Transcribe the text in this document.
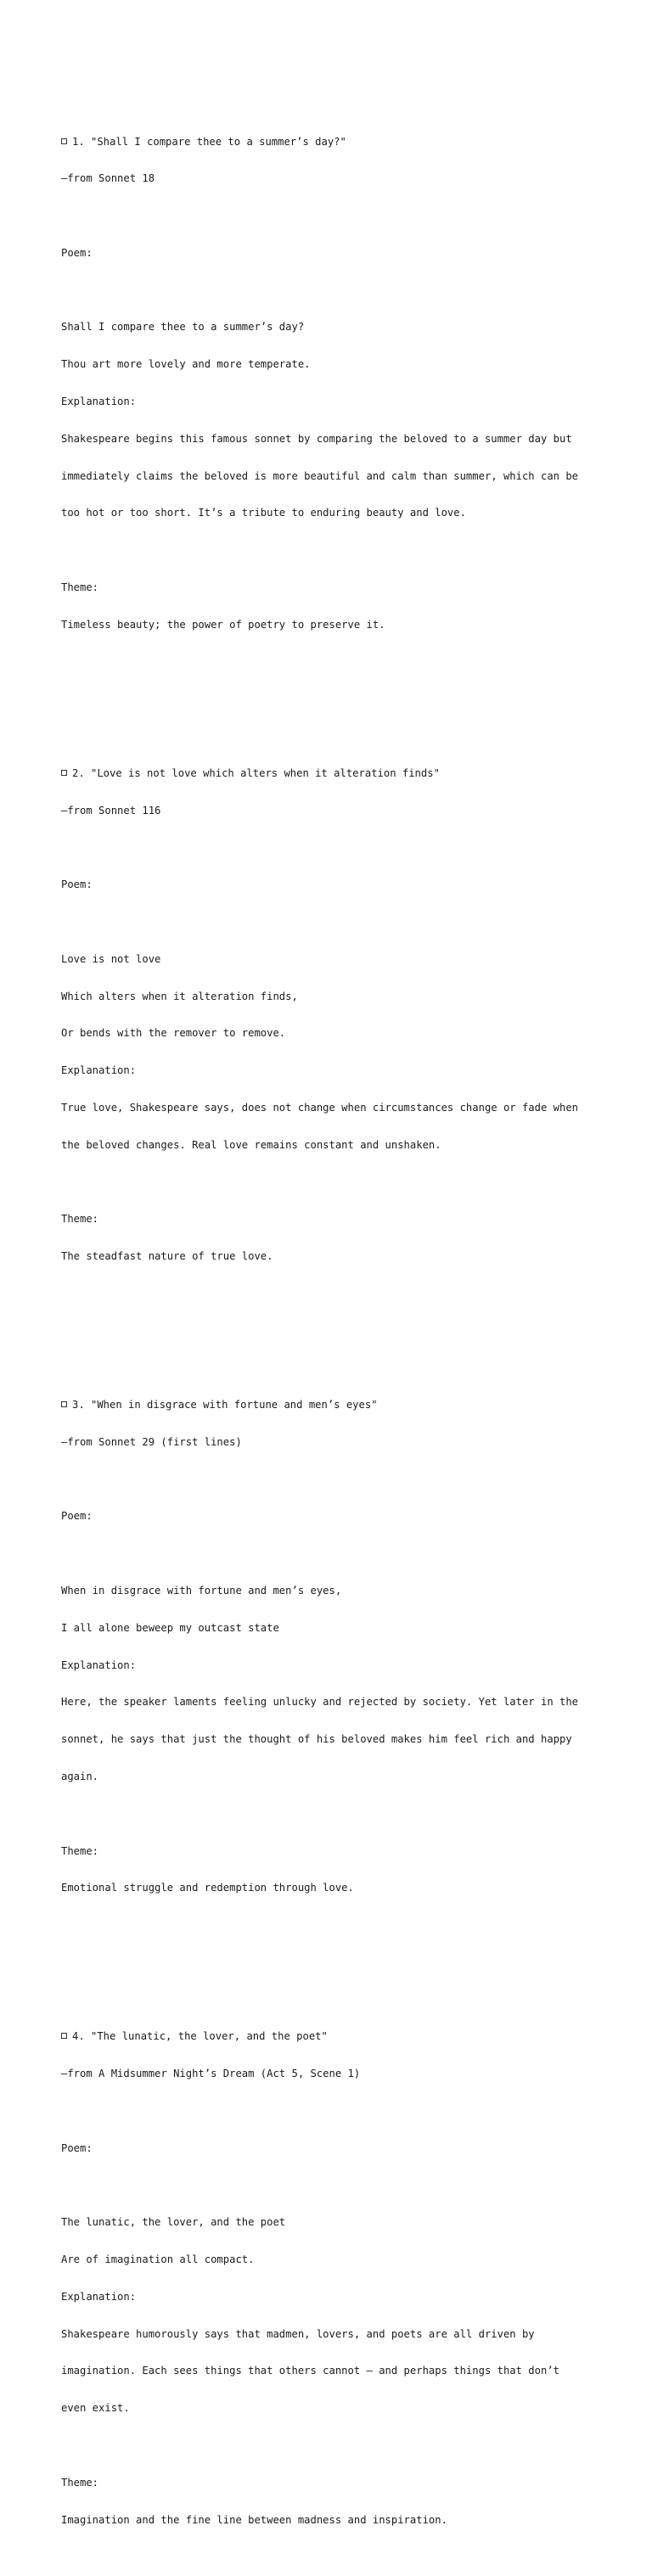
1. "Shall I compare thee to a summer’s day?"

—from Sonnet 18

Poem:

Shall I compare thee to a summer’s day?

Thou art more lovely and more temperate.

Explanation:

Shakespeare begins this famous sonnet by comparing the beloved to a summer day but

immediately claims the beloved is more beautiful and calm than summer, which can be

too hot or too short. It’s a tribute to enduring beauty and love.

Theme:

Timeless beauty; the power of poetry to preserve it.

2. "Love is not love which alters when it alteration finds"

—from Sonnet 116

Poem:

Love is not love

Which alters when it alteration finds,

Or bends with the remover to remove.

Explanation:

True love, Shakespeare says, does not change when circumstances change or fade when

the beloved changes. Real love remains constant and unshaken.

Theme:

The steadfast nature of true love.

3. "When in disgrace with fortune and men’s eyes"

—from Sonnet 29 (first lines)

Poem:

When in disgrace with fortune and men’s eyes,

I all alone beweep my outcast state

Explanation:

Here, the speaker laments feeling unlucky and rejected by society. Yet later in the

sonnet, he says that just the thought of his beloved makes him feel rich and happy

again.

Theme:

Emotional struggle and redemption through love.

4. "The lunatic, the lover, and the poet"

—from A Midsummer Night’s Dream (Act 5, Scene 1)

Poem:

The lunatic, the lover, and the poet

Are of imagination all compact.

Explanation:

Shakespeare humorously says that madmen, lovers, and poets are all driven by

imagination. Each sees things that others cannot — and perhaps things that don’t

even exist.

Theme:

Imagination and the fine line between madness and inspiration.
